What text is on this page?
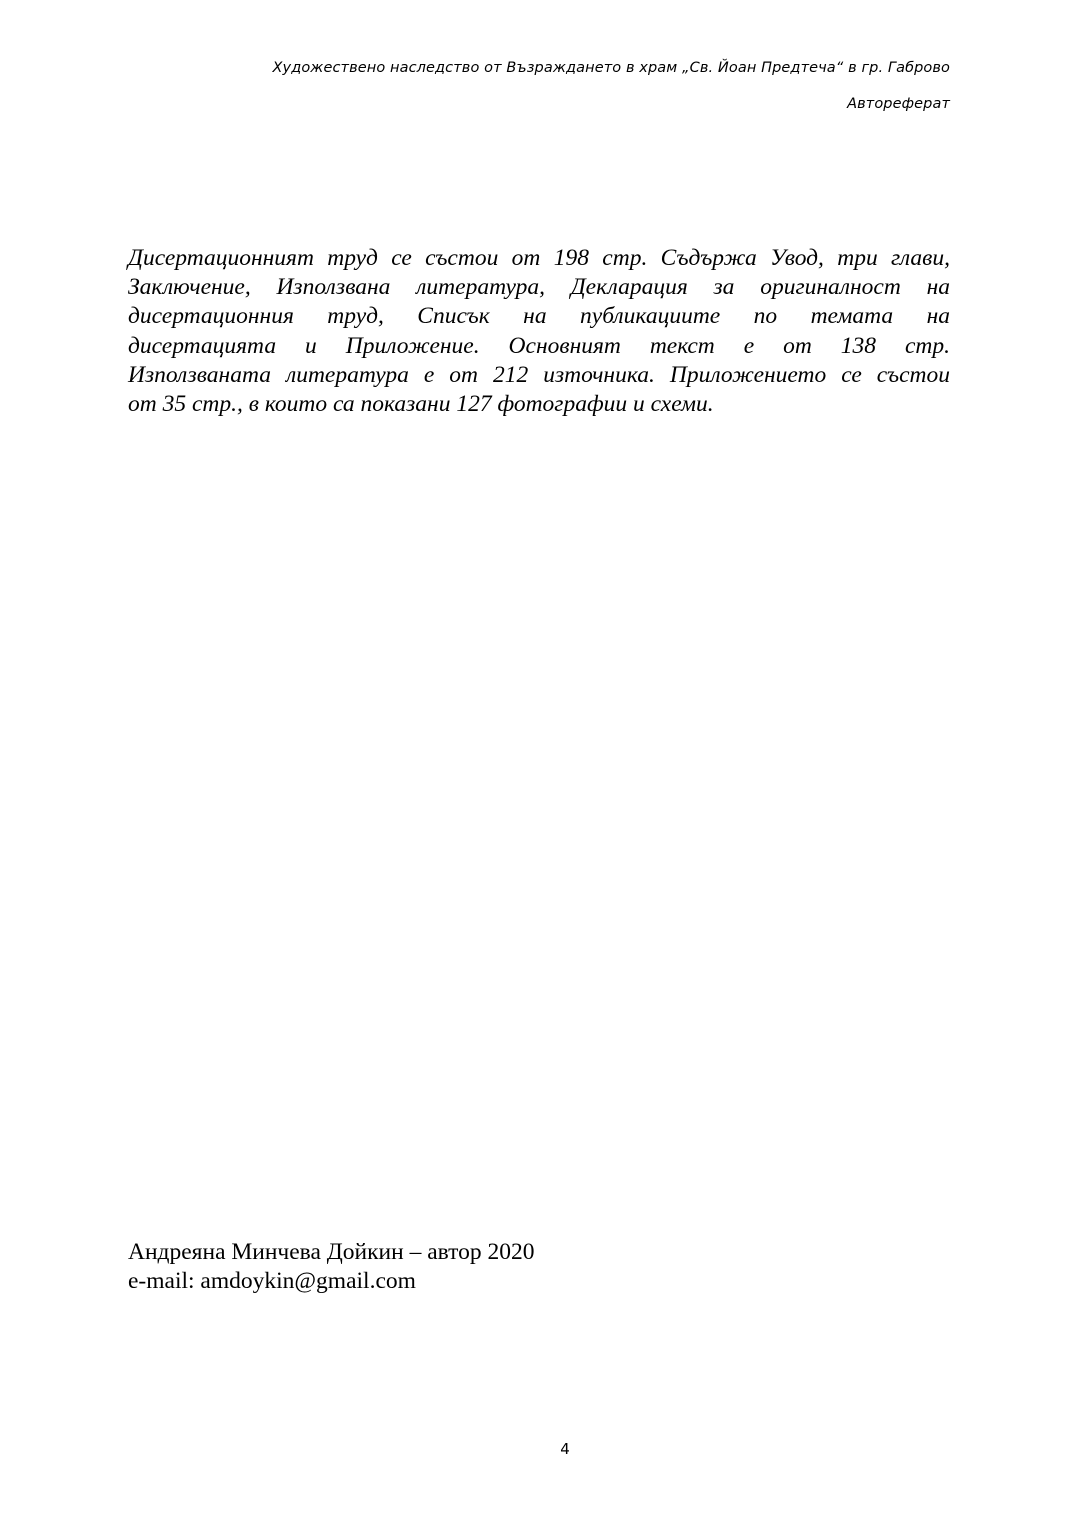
Художествено наследство от Възраждането в храм „Св. Йоан Предтеча“ в гр. Габрово
Автореферат

Дисертационният труд се състои от 198 стр. Съдържа Увод, три глави,
Заключение, Използвана литература, Декларация за оригиналност на
дисертационния труд, Списък на публикациите по темата на
дисертацията и Приложение. Основният текст е от 138 стр.
Използваната литература е от 212 източника. Приложението се състои
от 35 стр., в които са показани 127 фотографии и схеми.

Андреяна Минчева Дойкин – автор 2020
e-mail: amdoykin@gmail.com
4
